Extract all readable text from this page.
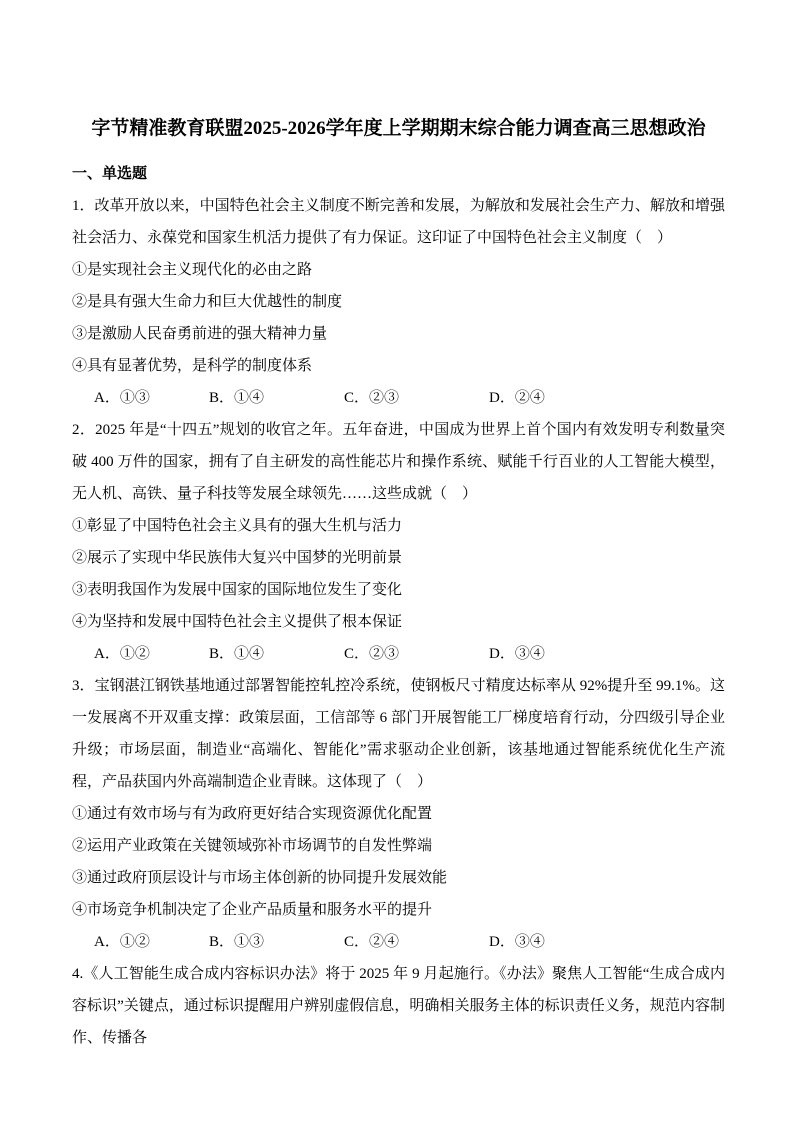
字节精准教育联盟2025-2026学年度上学期期末综合能力调查高三思想政治
一、单选题

1．改革开放以来，中国特色社会主义制度不断完善和发展，为解放和发展社会生产力、解放和增强社会活力、永葆党和国家生机活力提供了有力保证。这印证了中国特色社会主义制度（　）

①是实现社会主义现代化的必由之路

②是具有强大生命力和巨大优越性的制度

③是激励人民奋勇前进的强大精神力量

④具有显著优势，是科学的制度体系

A．①③	B．①④	C．②③	D．②④

2．2025 年是“十四五”规划的收官之年。五年奋进，中国成为世界上首个国内有效发明专利数量突破 400 万件的国家，拥有了自主研发的高性能芯片和操作系统、赋能千行百业的人工智能大模型，无人机、高铁、量子科技等发展全球领先……这些成就（　）

①彰显了中国特色社会主义具有的强大生机与活力

②展示了实现中华民族伟大复兴中国梦的光明前景

③表明我国作为发展中国家的国际地位发生了变化

④为坚持和发展中国特色社会主义提供了根本保证

A．①②	B．①④	C．②③	D．③④

3．宝钢湛江钢铁基地通过部署智能控轧控冷系统，使钢板尺寸精度达标率从 92%提升至 99.1%。这一发展离不开双重支撑：政策层面，工信部等 6 部门开展智能工厂梯度培育行动，分四级引导企业升级；市场层面，制造业“高端化、智能化”需求驱动企业创新，该基地通过智能系统优化生产流程，产品获国内外高端制造企业青睐。这体现了（　）

①通过有效市场与有为政府更好结合实现资源优化配置

②运用产业政策在关键领域弥补市场调节的自发性弊端

③通过政府顶层设计与市场主体创新的协同提升发展效能

④市场竞争机制决定了企业产品质量和服务水平的提升

A．①②	B．①③	C．②④	D．③④

4.《人工智能生成合成内容标识办法》将于 2025 年 9 月起施行。《办法》聚焦人工智能“生成合成内容标识”关键点，通过标识提醒用户辨别虚假信息，明确相关服务主体的标识责任义务，规范内容制作、传播各
